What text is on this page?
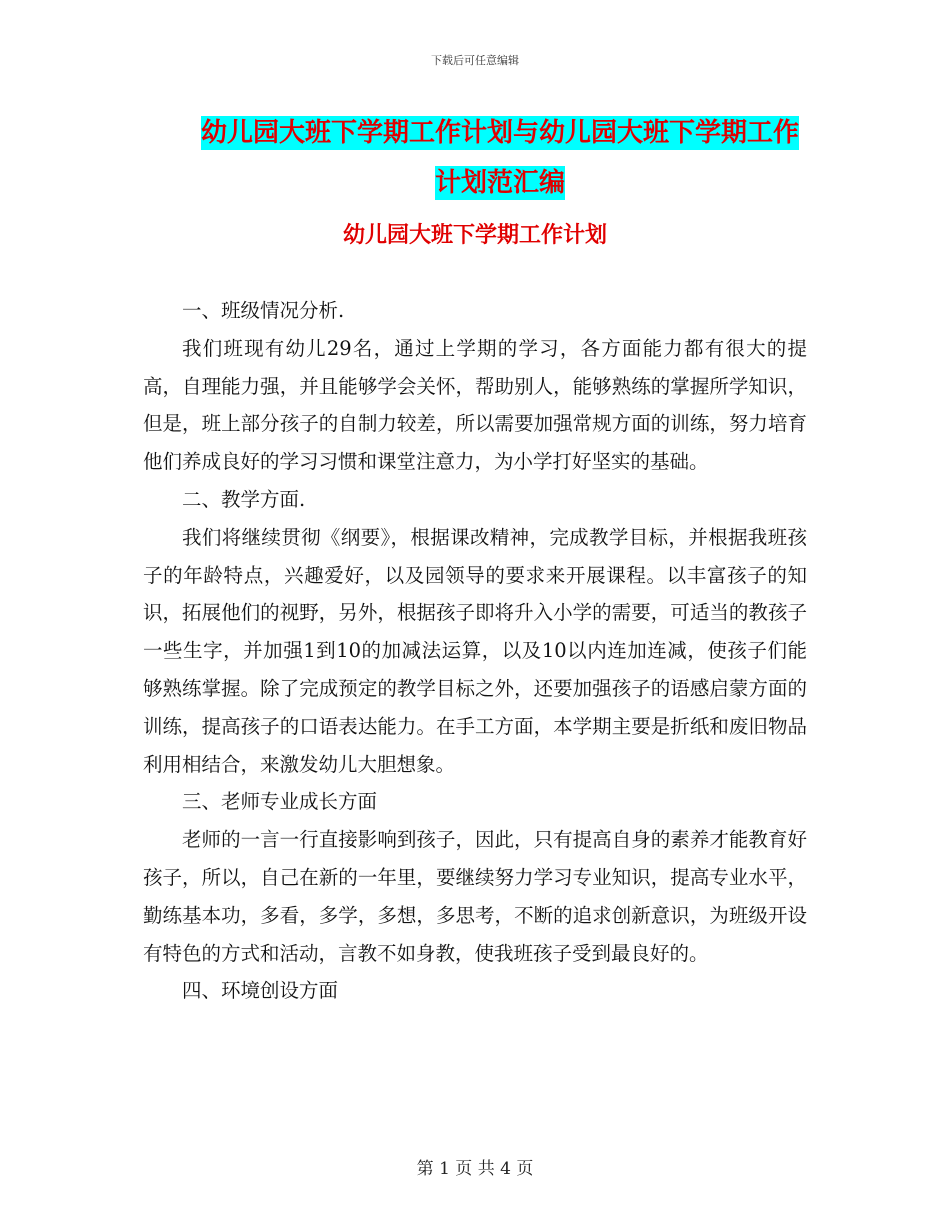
下载后可任意编辑
幼儿园大班下学期工作计划与幼儿园大班下学期工作
计划范汇编
幼儿园大班下学期工作计划

一、班级情况分析.

我们班现有幼儿29名，通过上学期的学习，各方面能力都有很大的提高，自理能力强，并且能够学会关怀，帮助别人，能够熟练的掌握所学知识，但是，班上部分孩子的自制力较差，所以需要加强常规方面的训练，努力培育他们养成良好的学习习惯和课堂注意力，为小学打好坚实的基础。

二、教学方面.

我们将继续贯彻《纲要》，根据课改精神，完成教学目标，并根据我班孩子的年龄特点，兴趣爱好，以及园领导的要求来开展课程。以丰富孩子的知识，拓展他们的视野，另外，根据孩子即将升入小学的需要，可适当的教孩子一些生字，并加强1到10的加减法运算，以及10以内连加连减，使孩子们能够熟练掌握。除了完成预定的教学目标之外，还要加强孩子的语感启蒙方面的训练，提高孩子的口语表达能力。在手工方面，本学期主要是折纸和废旧物品利用相结合，来激发幼儿大胆想象。

三、老师专业成长方面

老师的一言一行直接影响到孩子，因此，只有提高自身的素养才能教育好孩子，所以，自己在新的一年里，要继续努力学习专业知识，提高专业水平，勤练基本功，多看，多学，多想，多思考，不断的追求创新意识，为班级开设有特色的方式和活动，言教不如身教，使我班孩子受到最良好的。

四、环境创设方面

第 1 页 共 4 页
